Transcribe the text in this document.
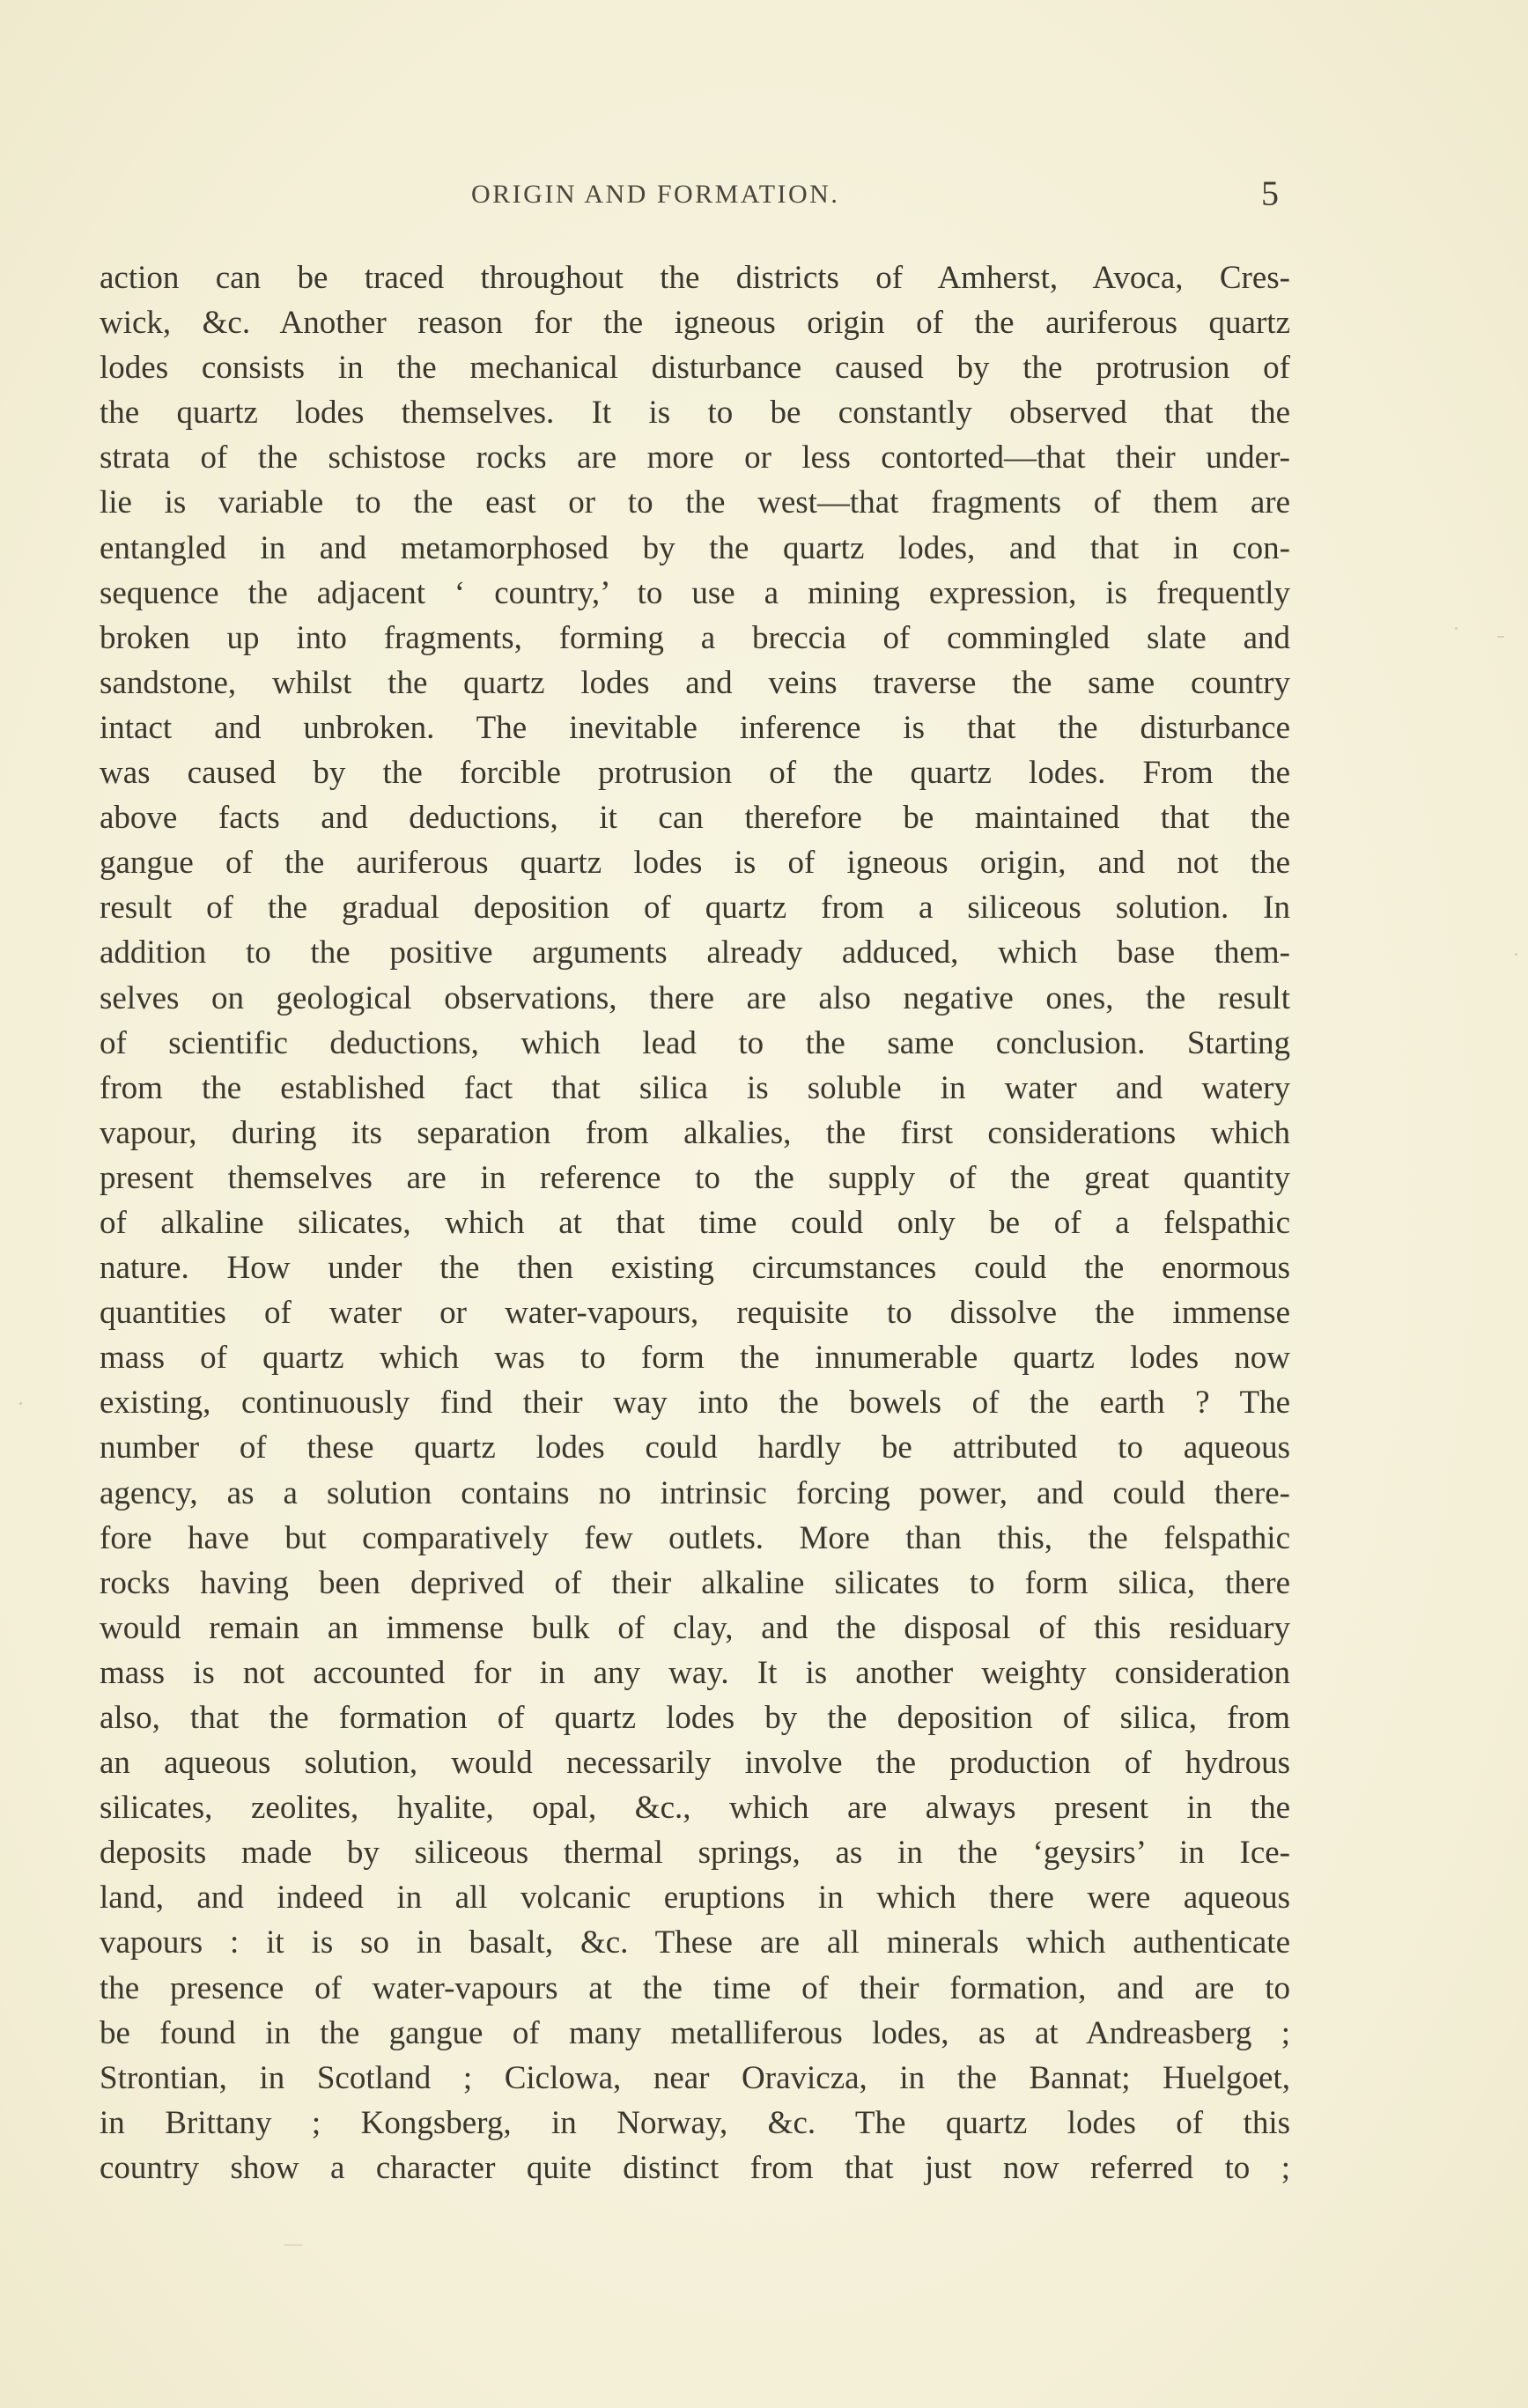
ORIGIN AND FORMATION.	5
action can be traced throughout the districts of Amherst, Avoca, Cres-
wick, &c. Another reason for the igneous origin of the auriferous quartz
lodes consists in the mechanical disturbance caused by the protrusion of
the quartz lodes themselves. It is to be constantly observed that the
strata of the schistose rocks are more or less contorted—that their under-
lie is variable to the east or to the west—that fragments of them are
entangled in and metamorphosed by the quartz lodes, and that in con-
sequence the adjacent ‘ country,’ to use a mining expression, is frequently
broken up into fragments, forming a breccia of commingled slate and
sandstone, whilst the quartz lodes and veins traverse the same country
intact and unbroken. The inevitable inference is that the disturbance
was caused by the forcible protrusion of the quartz lodes. From the
above facts and deductions, it can therefore be maintained that the
gangue of the auriferous quartz lodes is of igneous origin, and not the
result of the gradual deposition of quartz from a siliceous solution. In
addition to the positive arguments already adduced, which base them-
selves on geological observations, there are also negative ones, the result
of scientific deductions, which lead to the same conclusion. Starting
from the established fact that silica is soluble in water and watery
vapour, during its separation from alkalies, the first considerations which
present themselves are in reference to the supply of the great quantity
of alkaline silicates, which at that time could only be of a felspathic
nature. How under the then existing circumstances could the enormous
quantities of water or water-vapours, requisite to dissolve the immense
mass of quartz which was to form the innumerable quartz lodes now
existing, continuously find their way into the bowels of the earth ? The
number of these quartz lodes could hardly be attributed to aqueous
agency, as a solution contains no intrinsic forcing power, and could there-
fore have but comparatively few outlets. More than this, the felspathic
rocks having been deprived of their alkaline silicates to form silica, there
would remain an immense bulk of clay, and the disposal of this residuary
mass is not accounted for in any way. It is another weighty consideration
also, that the formation of quartz lodes by the deposition of silica, from
an aqueous solution, would necessarily involve the production of hydrous
silicates, zeolites, hyalite, opal, &c., which are always present in the
deposits made by siliceous thermal springs, as in the ‘geysirs’ in Ice-
land, and indeed in all volcanic eruptions in which there were aqueous
vapours : it is so in basalt, &c. These are all minerals which authenticate
the presence of water-vapours at the time of their formation, and are to
be found in the gangue of many metalliferous lodes, as at Andreasberg ;
Strontian, in Scotland ; Ciclowa, near Oravicza, in the Bannat; Huelgoet,
in Brittany ; Kongsberg, in Norway, &c. The quartz lodes of this
country show a character quite distinct from that just now referred to ;
